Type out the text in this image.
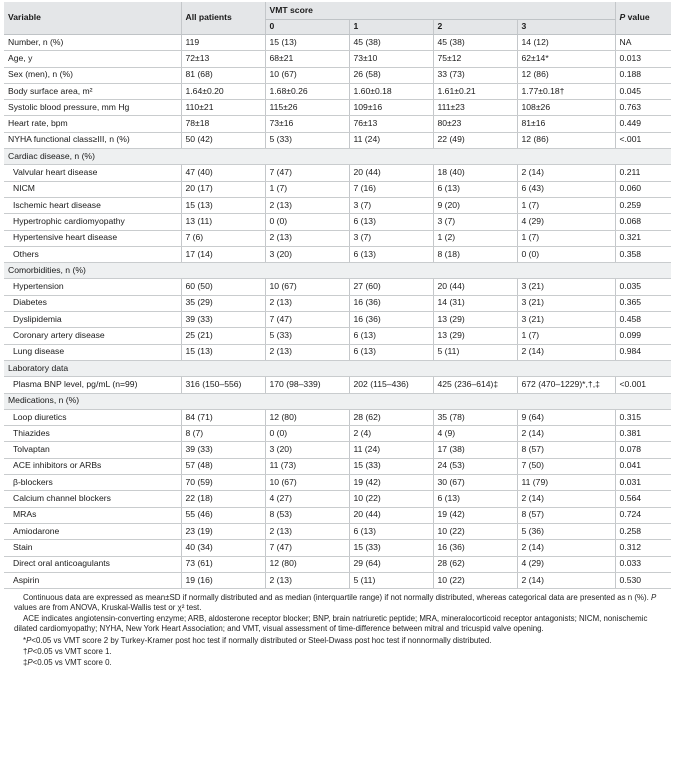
Variable	All patients	VMT score				P value
		0	1	2	3	
Number, n (%)	119	15 (13)	45 (38)	45 (38)	14 (12)	NA
Age, y	72±13	68±21	73±10	75±12	62±14*	0.013
Sex (men), n (%)	81 (68)	10 (67)	26 (58)	33 (73)	12 (86)	0.188
Body surface area, m²	1.64±0.20	1.68±0.26	1.60±0.18	1.61±0.21	1.77±0.18†	0.045
Systolic blood pressure, mm Hg	110±21	115±26	109±16	111±23	108±26	0.763
Heart rate, bpm	78±18	73±16	76±13	80±23	81±16	0.449
NYHA functional class≥III, n (%)	50 (42)	5 (33)	11 (24)	22 (49)	12 (86)	<.001
Cardiac disease, n (%)						
Valvular heart disease	47 (40)	7 (47)	20 (44)	18 (40)	2 (14)	0.211
NICM	20 (17)	1 (7)	7 (16)	6 (13)	6 (43)	0.060
Ischemic heart disease	15 (13)	2 (13)	3 (7)	9 (20)	1 (7)	0.259
Hypertrophic cardiomyopathy	13 (11)	0 (0)	6 (13)	3 (7)	4 (29)	0.068
Hypertensive heart disease	7 (6)	2 (13)	3 (7)	1 (2)	1 (7)	0.321
Others	17 (14)	3 (20)	6 (13)	8 (18)	0 (0)	0.358
Comorbidities, n (%)						
Hypertension	60 (50)	10 (67)	27 (60)	20 (44)	3 (21)	0.035
Diabetes	35 (29)	2 (13)	16 (36)	14 (31)	3 (21)	0.365
Dyslipidemia	39 (33)	7 (47)	16 (36)	13 (29)	3 (21)	0.458
Coronary artery disease	25 (21)	5 (33)	6 (13)	13 (29)	1 (7)	0.099
Lung disease	15 (13)	2 (13)	6 (13)	5 (11)	2 (14)	0.984
Laboratory data						
Plasma BNP level, pg/mL (n=99)	316 (150–556)	170 (98–339)	202 (115–436)	425 (236–614)‡	672 (470–1229)*,†,‡	<0.001
Medications, n (%)						
Loop diuretics	84 (71)	12 (80)	28 (62)	35 (78)	9 (64)	0.315
Thiazides	8 (7)	0 (0)	2 (4)	4 (9)	2 (14)	0.381
Tolvaptan	39 (33)	3 (20)	11 (24)	17 (38)	8 (57)	0.078
ACE inhibitors or ARBs	57 (48)	11 (73)	15 (33)	24 (53)	7 (50)	0.041
β-blockers	70 (59)	10 (67)	19 (42)	30 (67)	11 (79)	0.031
Calcium channel blockers	22 (18)	4 (27)	10 (22)	6 (13)	2 (14)	0.564
MRAs	55 (46)	8 (53)	20 (44)	19 (42)	8 (57)	0.724
Amiodarone	23 (19)	2 (13)	6 (13)	10 (22)	5 (36)	0.258
Stain	40 (34)	7 (47)	15 (33)	16 (36)	2 (14)	0.312
Direct oral anticoagulants	73 (61)	12 (80)	29 (64)	28 (62)	4 (29)	0.033
Aspirin	19 (16)	2 (13)	5 (11)	10 (22)	2 (14)	0.530

Continuous data are expressed as mean±SD if normally distributed and as median (interquartile range) if not normally distributed, whereas categorical data are presented as n (%). P values are from ANOVA, Kruskal-Wallis test or χ² test.

ACE indicates angiotensin-converting enzyme; ARB, aldosterone receptor blocker; BNP, brain natriuretic peptide; MRA, mineralocorticoid receptor antagonists; NICM, nonischemic dilated cardiomyopathy; NYHA, New York Heart Association; and VMT, visual assessment of time-difference between mitral and tricuspid valve opening.

*P<0.05 vs VMT score 2 by Turkey-Kramer post hoc test if normally distributed or Steel-Dwass post hoc test if nonnormally distributed.

†P<0.05 vs VMT score 1.

‡P<0.05 vs VMT score 0.
